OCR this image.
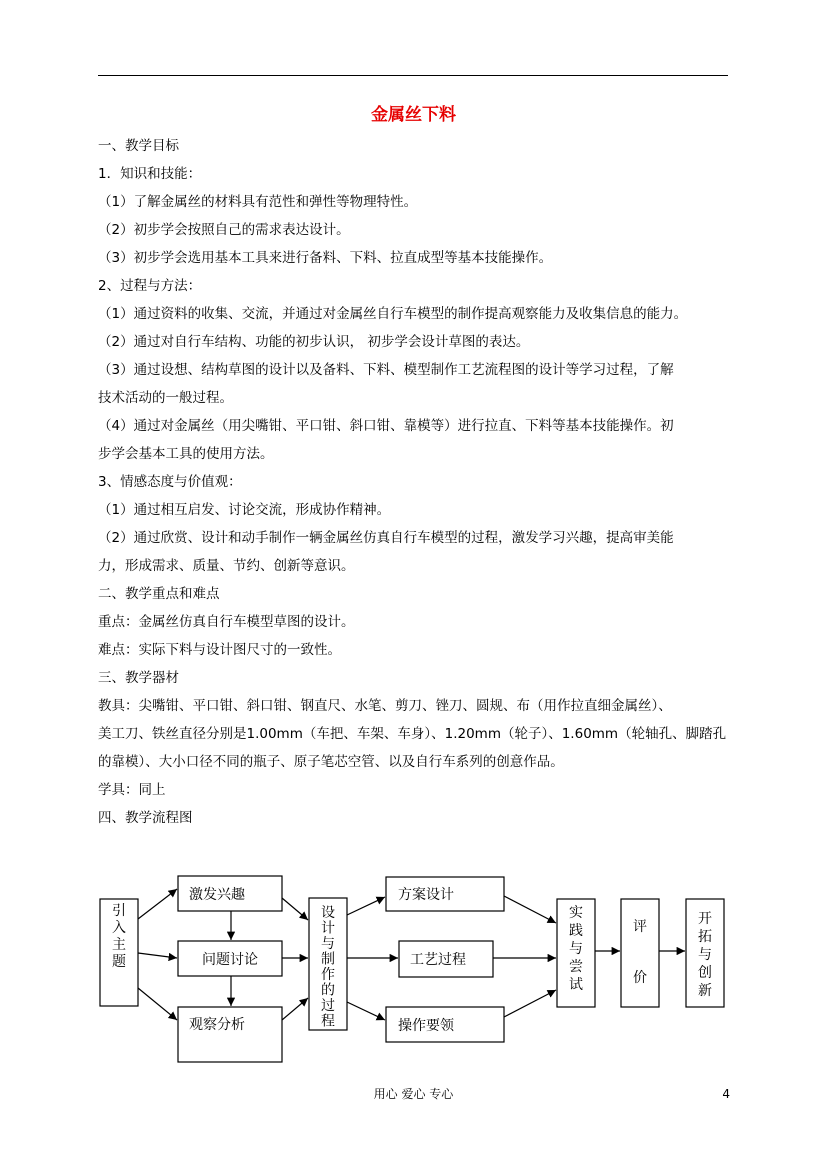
金属丝下料
一、教学目标
1．知识和技能：
（1）了解金属丝的材料具有范性和弹性等物理特性。
（2）初步学会按照自己的需求表达设计。
（3）初步学会选用基本工具来进行备料、下料、拉直成型等基本技能操作。
2、过程与方法：
（1）通过资料的收集、交流，并通过对金属丝自行车模型的制作提高观察能力及收集信息的能力。
（2）通过对自行车结构、功能的初步认识， 初步学会设计草图的表达。
（3）通过设想、结构草图的设计以及备料、下料、模型制作工艺流程图的设计等学习过程，了解
技术活动的一般过程。
（4）通过对金属丝（用尖嘴钳、平口钳、斜口钳、靠模等）进行拉直、下料等基本技能操作。初
步学会基本工具的使用方法。
3、情感态度与价值观：
（1）通过相互启发、讨论交流，形成协作精神。
（2）通过欣赏、设计和动手制作一辆金属丝仿真自行车模型的过程，激发学习兴趣，提高审美能
力，形成需求、质量、节约、创新等意识。
二、教学重点和难点
重点：金属丝仿真自行车模型草图的设计。
难点：实际下料与设计图尺寸的一致性。
三、教学器材
教具：尖嘴钳、平口钳、斜口钳、钢直尺、水笔、剪刀、锉刀、圆规、布（用作拉直细金属丝）、
美工刀、铁丝直径分别是1.00mm（车把、车架、车身）、1.20mm（轮子）、1.60mm（轮轴孔、脚踏孔
的靠模）、大小口径不同的瓶子、原子笔芯空管、以及自行车系列的创意作品。
学具：同上
四、教学流程图
激发兴趣
问题讨论
观察分析
方案设计
工艺过程
操作要领
评
价
引入主题
设计与制作的过程
实践与尝试
开拓与创新
用心 爱心 专心	4
